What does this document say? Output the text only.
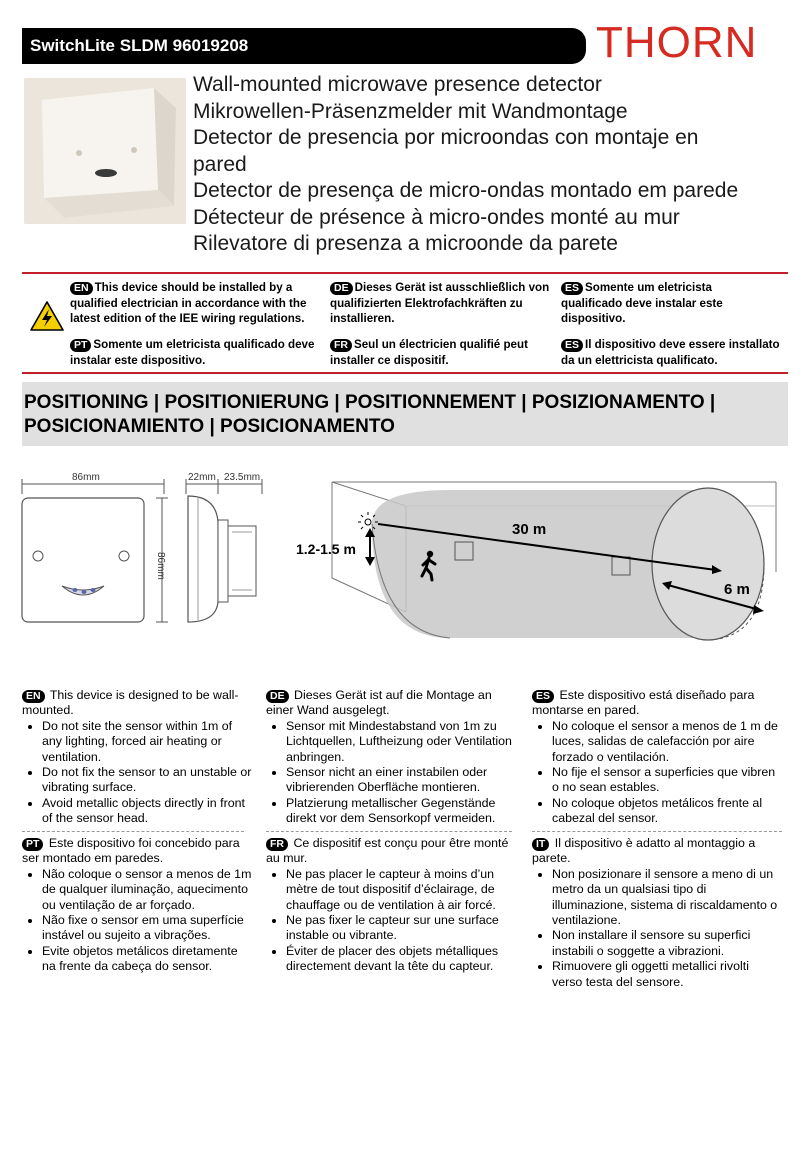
SwitchLite SLDM 96019208	THORN
Wall-mounted microwave presence detector
Mikrowellen-Präsenzmelder mit Wandmontage
Detector de presencia por microondas con montaje en
pared
Detector de presença de micro-ondas montado em parede
Détecteur de présence à micro-ondes monté au mur
Rilevatore di presenza a microonde da parete
EN This device should be installed by a qualified electrician in accordance with the latest edition of the IEE wiring regulations.
DE Dieses Gerät ist ausschließlich von qualifizierten Elektrofachkräften zu installieren.
ES Somente um eletricista qualificado deve instalar este dispositivo.
PT Somente um eletricista qualificado deve instalar este dispositivo.
FR Seul un électricien qualifié peut installer ce dispositif.
ES Il dispositivo deve essere installato da un elettricista qualificato.
POSITIONING | POSITIONIERUNG | POSITIONNEMENT | POSIZIONAMENTO |
POSICIONAMIENTO | POSICIONAMENTO
86mm
86mm
22mm 23.5mm
30 m
6 m
1.2-1.5 m
EN This device is designed to be wall-mounted.
• Do not site the sensor within 1m of any lighting, forced air heating or ventilation.
• Do not fix the sensor to an unstable or vibrating surface.
• Avoid metallic objects directly in front of the sensor head.
DE Dieses Gerät ist auf die Montage an einer Wand ausgelegt.
• Sensor mit Mindestabstand von 1m zu Lichtquellen, Luftheizung oder Ventilation anbringen.
• Sensor nicht an einer instabilen oder vibrierenden Oberfläche montieren.
• Platzierung metallischer Gegenstände direkt vor dem Sensorkopf vermeiden.
ES Este dispositivo está diseñado para montarse en pared.
• No coloque el sensor a menos de 1 m de luces, salidas de calefacción por aire forzado o ventilación.
• No fije el sensor a superficies que vibren o no sean estables.
• No coloque objetos metálicos frente al cabezal del sensor.
PT Este dispositivo foi concebido para ser montado em paredes.
• Não coloque o sensor a menos de 1m de qualquer iluminação, aquecimento ou ventilação de ar forçado.
• Não fixe o sensor em uma superfície instável ou sujeito a vibrações.
• Evite objetos metálicos diretamente na frente da cabeça do sensor.
FR Ce dispositif est conçu pour être monté au mur.
• Ne pas placer le capteur à moins d’un mètre de tout dispositif d’éclairage, de chauffage ou de ventilation à air forcé.
• Ne pas fixer le capteur sur une surface instable ou vibrante.
• Éviter de placer des objets métalliques directement devant la tête du capteur.
IT Il dispositivo è adatto al montaggio a parete.
• Non posizionare il sensore a meno di un metro da un qualsiasi tipo di illuminazione, sistema di riscaldamento o ventilazione.
• Non installare il sensore su superfici instabili o soggette a vibrazioni.
• Rimuovere gli oggetti metallici rivolti verso testa del sensore.
